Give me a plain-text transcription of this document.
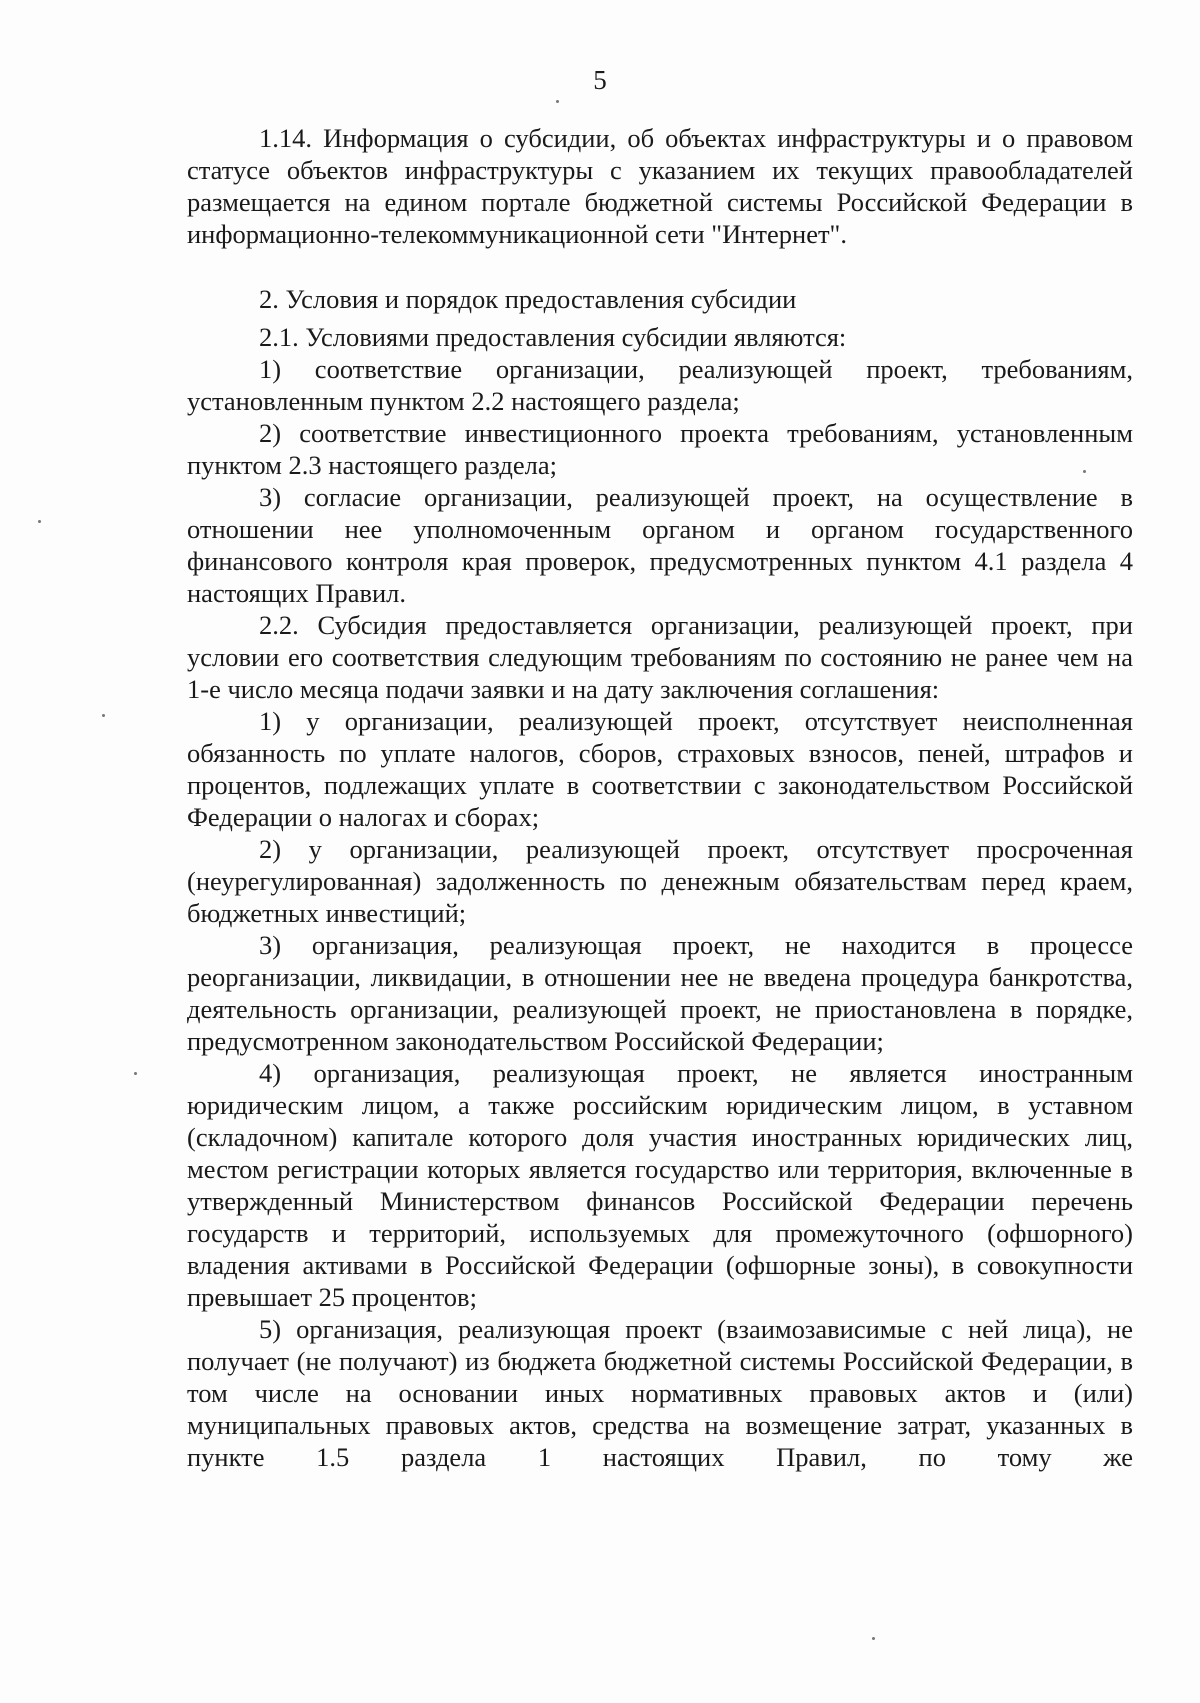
5

1.14. Информация о субсидии, об объектах инфраструктуры и о правовом статусе объектов инфраструктуры с указанием их текущих правообладателей размещается на едином портале бюджетной системы Российской Федерации в информационно-телекоммуникационной сети "Интернет".

2. Условия и порядок предоставления субсидии

2.1. Условиями предоставления субсидии являются:

1) соответствие организации, реализующей проект, требованиям, установленным пунктом 2.2 настоящего раздела;

2) соответствие инвестиционного проекта требованиям, установленным пунктом 2.3 настоящего раздела;

3) согласие организации, реализующей проект, на осуществление в отношении нее уполномоченным органом и органом государственного финансового контроля края проверок, предусмотренных пунктом 4.1 раздела 4 настоящих Правил.

2.2. Субсидия предоставляется организации, реализующей проект, при условии его соответствия следующим требованиям по состоянию не ранее чем на 1-е число месяца подачи заявки и на дату заключения соглашения:

1) у организации, реализующей проект, отсутствует неисполненная обязанность по уплате налогов, сборов, страховых взносов, пеней, штрафов и процентов, подлежащих уплате в соответствии с законодательством Российской Федерации о налогах и сборах;

2) у организации, реализующей проект, отсутствует просроченная (неурегулированная) задолженность по денежным обязательствам перед краем, бюджетных инвестиций;

3) организация, реализующая проект, не находится в процессе реорганизации, ликвидации, в отношении нее не введена процедура банкротства, деятельность организации, реализующей проект, не приостановлена в порядке, предусмотренном законодательством Российской Федерации;

4) организация, реализующая проект, не является иностранным юридическим лицом, а также российским юридическим лицом, в уставном (складочном) капитале которого доля участия иностранных юридических лиц, местом регистрации которых является государство или территория, включенные в утвержденный Министерством финансов Российской Федерации перечень государств и территорий, используемых для промежуточного (офшорного) владения активами в Российской Федерации (офшорные зоны), в совокупности превышает 25 процентов;

5) организация, реализующая проект (взаимозависимые с ней лица), не получает (не получают) из бюджета бюджетной системы Российской Федерации, в том числе на основании иных нормативных правовых актов и (или) муниципальных правовых актов, средства на возмещение затрат, указанных в пункте 1.5 раздела 1 настоящих Правил, по тому же
